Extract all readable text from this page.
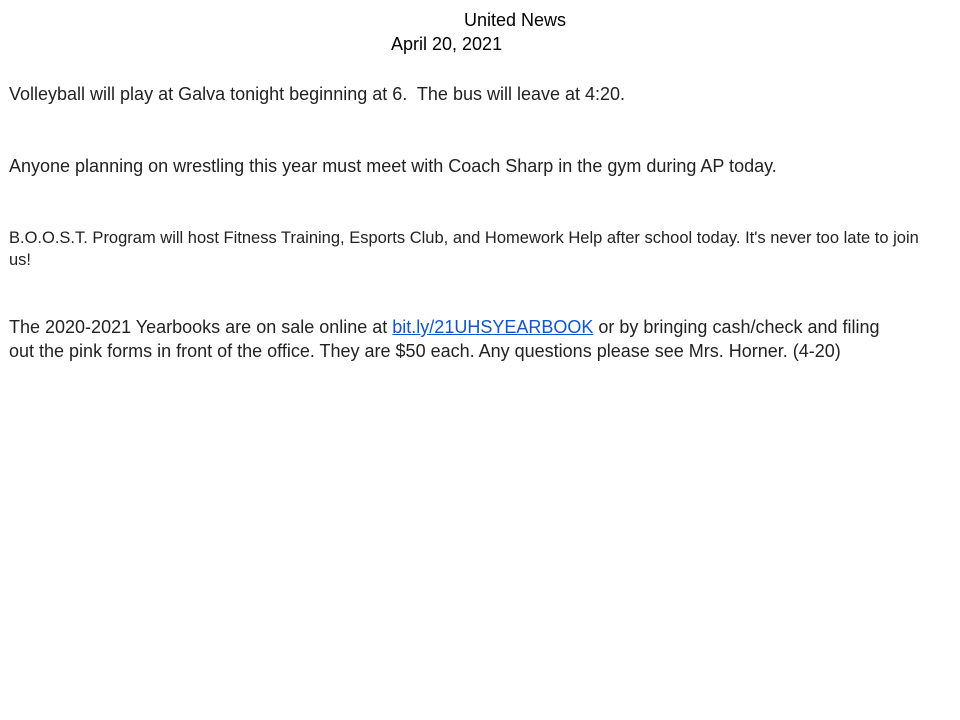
United News
April 20, 2021

Volleyball will play at Galva tonight beginning at 6.  The bus will leave at 4:20.

Anyone planning on wrestling this year must meet with Coach Sharp in the gym during AP today.

B.O.O.S.T. Program will host Fitness Training, Esports Club, and Homework Help after school today. It's never too late to join us!

The 2020-2021 Yearbooks are on sale online at bit.ly/21UHSYEARBOOK or by bringing cash/check and filing out the pink forms in front of the office. They are $50 each. Any questions please see Mrs. Horner. (4-20)
